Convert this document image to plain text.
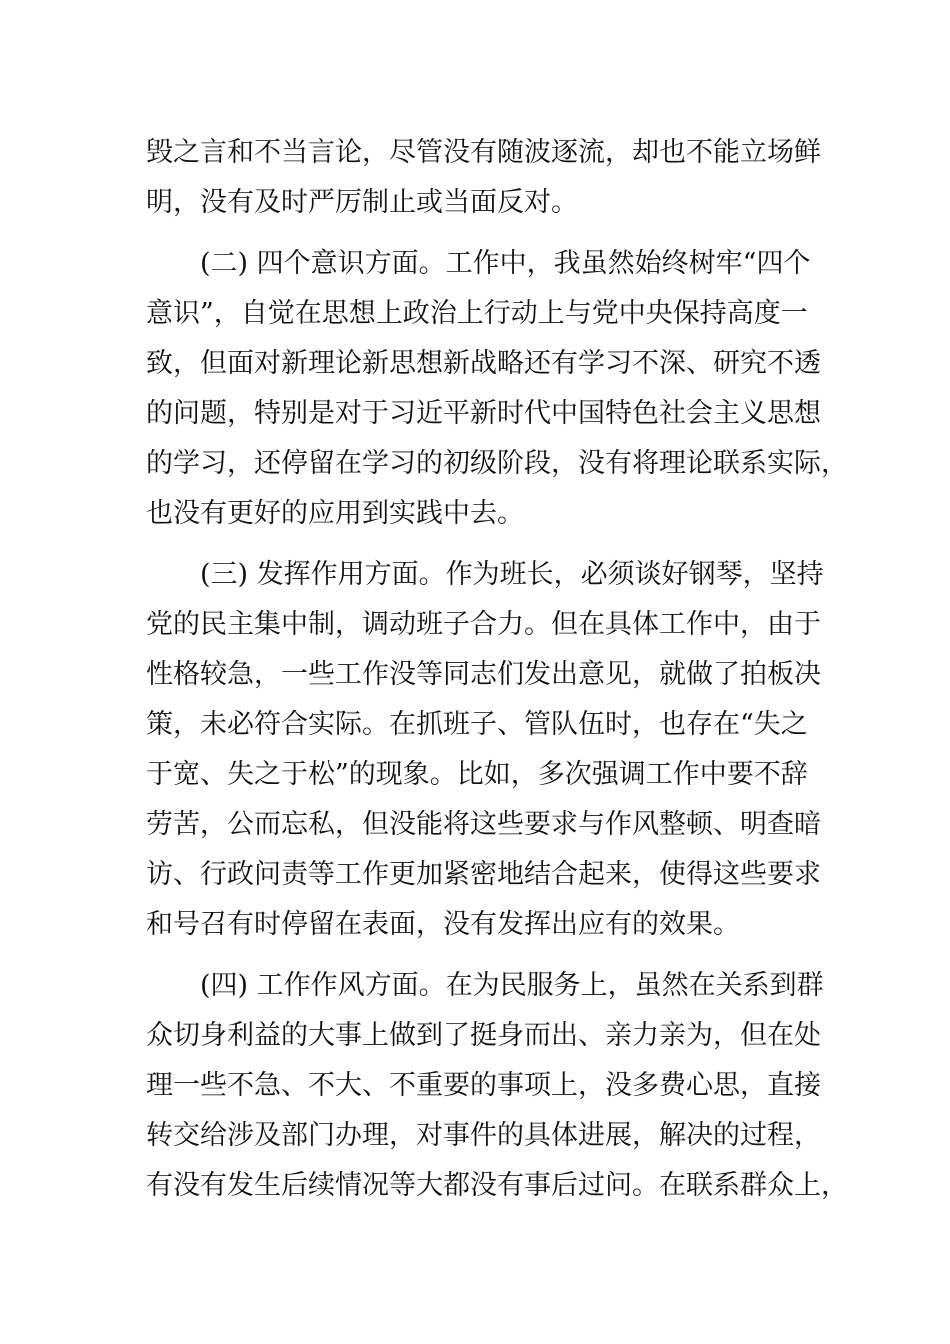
毁之言和不当言论，尽管没有随波逐流，却也不能立场鲜
明，没有及时严厉制止或当面反对。
　　(二) 四个意识方面。工作中，我虽然始终树牢“四个
意识”，自觉在思想上政治上行动上与党中央保持高度一
致，但面对新理论新思想新战略还有学习不深、研究不透
的问题，特别是对于习近平新时代中国特色社会主义思想
的学习，还停留在学习的初级阶段，没有将理论联系实际，
也没有更好的应用到实践中去。
　　(三) 发挥作用方面。作为班长，必须谈好钢琴，坚持
党的民主集中制，调动班子合力。但在具体工作中，由于
性格较急，一些工作没等同志们发出意见，就做了拍板决
策，未必符合实际。在抓班子、管队伍时，也存在“失之
于宽、失之于松”的现象。比如，多次强调工作中要不辞
劳苦，公而忘私，但没能将这些要求与作风整顿、明查暗
访、行政问责等工作更加紧密地结合起来，使得这些要求
和号召有时停留在表面，没有发挥出应有的效果。
　　(四) 工作作风方面。在为民服务上，虽然在关系到群
众切身利益的大事上做到了挺身而出、亲力亲为，但在处
理一些不急、不大、不重要的事项上，没多费心思，直接
转交给涉及部门办理，对事件的具体进展，解决的过程，
有没有发生后续情况等大都没有事后过问。在联系群众上，
